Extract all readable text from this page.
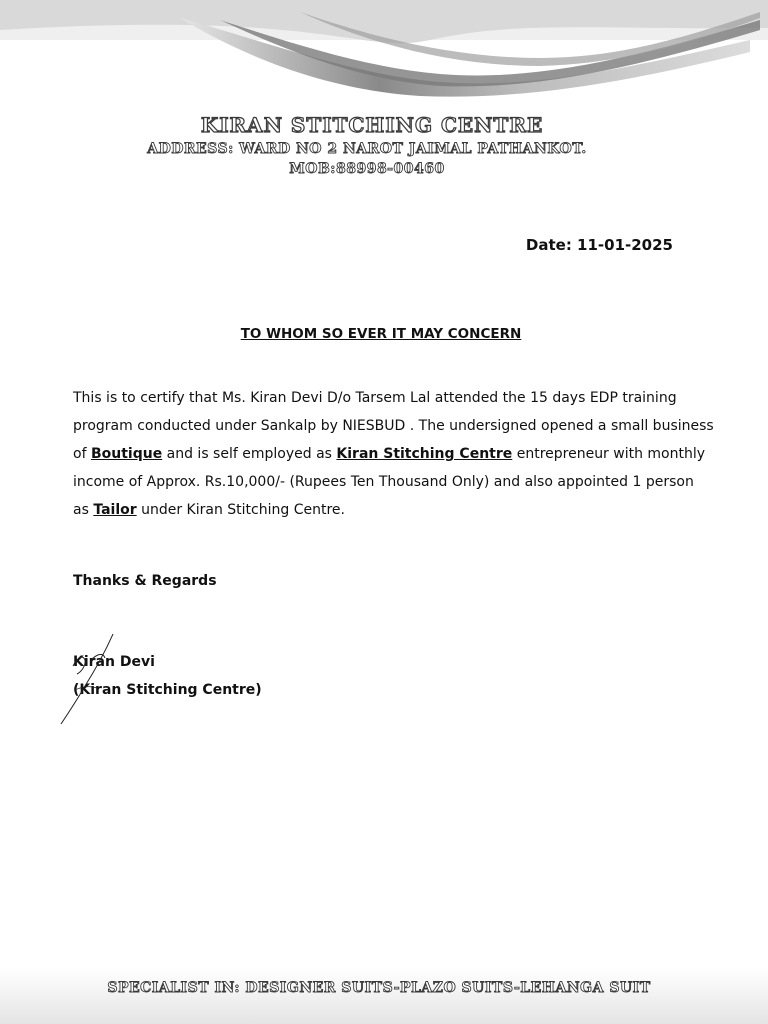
KIRAN STITCHING CENTRE
ADDRESS: WARD NO 2 NAROT JAIMAL PATHANKOT.
MOB:88998-00460
Date: 11-01-2025
TO WHOM SO EVER IT MAY CONCERN
This is to certify that Ms. Kiran Devi D/o Tarsem Lal attended the 15 days EDP training
program conducted under Sankalp by NIESBUD . The undersigned opened a small business
of Boutique and is self employed as Kiran Stitching Centre entrepreneur with monthly
income of Approx. Rs.10,000/- (Rupees Ten Thousand Only) and also appointed 1 person
as Tailor under Kiran Stitching Centre.
Thanks & Regards
Kiran Devi
(Kiran Stitching Centre)
SPECIALIST IN: DESIGNER SUITS-PLAZO SUITS-LEHANGA SUIT
